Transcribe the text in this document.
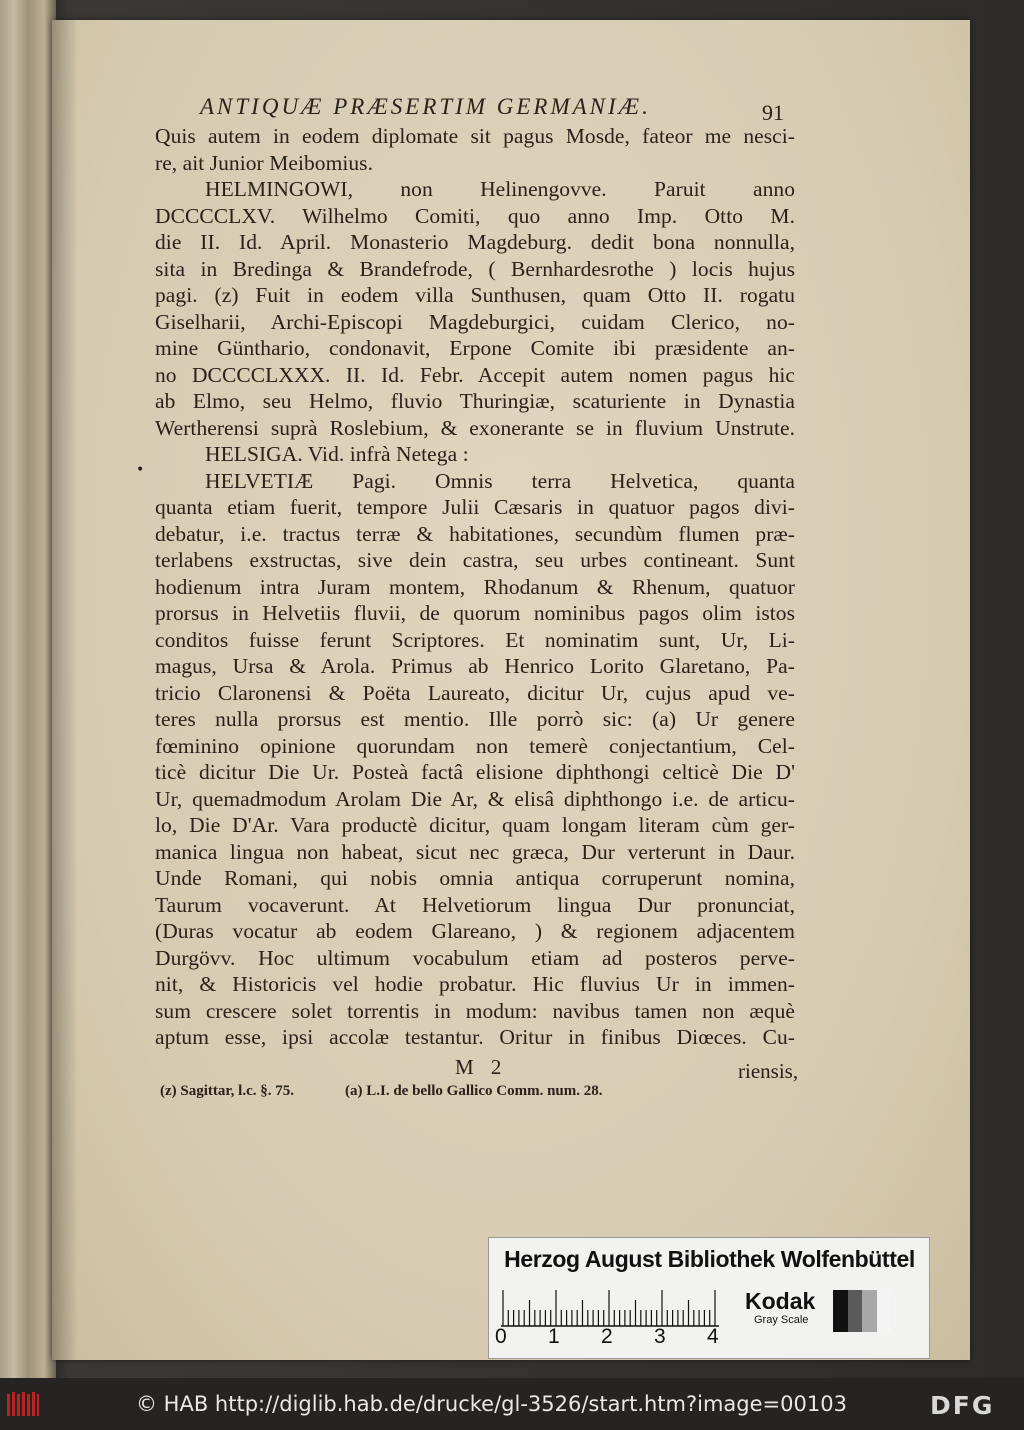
ANTIQUÆ PRÆSERTIM GERMANIÆ.	91
Quis autem in eodem diplomate sit pagus Mosde, fateor me nesci-
re, ait Junior Meibomius.
HELMINGOWI, non Helinengovve. Paruit anno
DCCCCLXV. Wilhelmo Comiti, quo anno Imp. Otto M.
die II. Id. April. Monasterio Magdeburg. dedit bona nonnulla,
sita in Bredinga & Brandefrode, ( Bernhardesrothe ) locis hujus
pagi. (z) Fuit in eodem villa Sunthusen, quam Otto II. rogatu
Giselharii, Archi-Episcopi Magdeburgici, cuidam Clerico, no-
mine Günthario, condonavit, Erpone Comite ibi præsidente an-
no DCCCCLXXX. II. Id. Febr. Accepit autem nomen pagus hic
ab Elmo, seu Helmo, fluvio Thuringiæ, scaturiente in Dynastia
Wertherensi suprà Roslebium, & exonerante se in fluvium Unstrute.
HELSIGA. Vid. infrà Netega :
HELVETIÆ Pagi. Omnis terra Helvetica, quanta
quanta etiam fuerit, tempore Julii Cæsaris in quatuor pagos divi-
debatur, i.e. tractus terræ & habitationes, secundùm flumen præ-
terlabens exstructas, sive dein castra, seu urbes contineant. Sunt
hodienum intra Juram montem, Rhodanum & Rhenum, quatuor
prorsus in Helvetiis fluvii, de quorum nominibus pagos olim istos
conditos fuisse ferunt Scriptores. Et nominatim sunt, Ur, Li-
magus, Ursa & Arola. Primus ab Henrico Lorito Glaretano, Pa-
tricio Claronensi & Poëta Laureato, dicitur Ur, cujus apud ve-
teres nulla prorsus est mentio. Ille porrò sic: (a) Ur genere
fœminino opinione quorundam non temerè conjectantium, Cel-
ticè dicitur Die Ur. Posteà factâ elisione diphthongi celticè Die D'
Ur, quemadmodum Arolam Die Ar, & elisâ diphthongo i.e. de articu-
lo, Die D'Ar. Vara productè dicitur, quam longam literam cùm ger-
manica lingua non habeat, sicut nec græca, Dur verterunt in Daur.
Unde Romani, qui nobis omnia antiqua corruperunt nomina,
Taurum vocaverunt. At Helvetiorum lingua Dur pronunciat,
(Duras vocatur ab eodem Glareano, ) & regionem adjacentem
Durgövv. Hoc ultimum vocabulum etiam ad posteros perve-
nit, & Historicis vel hodie probatur. Hic fluvius Ur in immen-
sum crescere solet torrentis in modum: navibus tamen non æquè
aptum esse, ipsi accolæ testantur. Oritur in finibus Diœces. Cu-
•
M 2	riensis,
(z) Sagittar, l.c. §. 75.	(a) L.I. de bello Gallico Comm. num. 28.
Herzog August Bibliothek Wolfenbüttel
0 1 2 3 4
Kodak
Gray Scale
© HAB http://diglib.hab.de/drucke/gl-3526/start.htm?image=00103	DFG
